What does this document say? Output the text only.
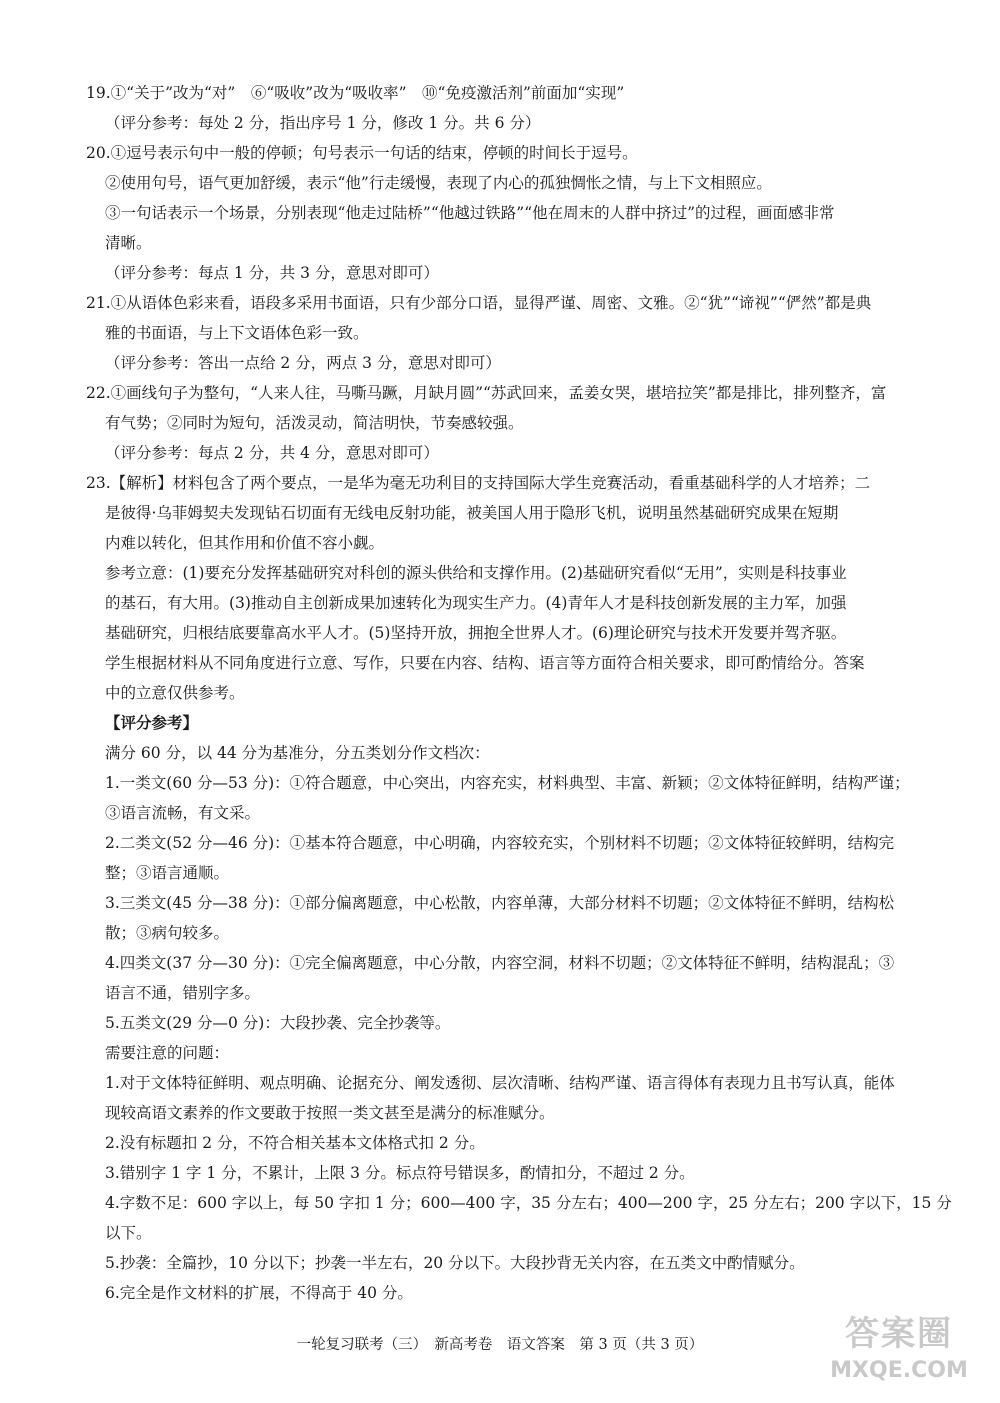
19.①“关于”改为“对”　⑥“吸收”改为“吸收率”　⑩“免疫激活剂”前面加“实现”
（评分参考：每处 2 分，指出序号 1 分，修改 1 分。共 6 分）
20.①逗号表示句中一般的停顿；句号表示一句话的结束，停顿的时间长于逗号。
②使用句号，语气更加舒缓，表示“他”行走缓慢，表现了内心的孤独惆怅之情，与上下文相照应。
③一句话表示一个场景，分别表现“他走过陆桥”“他越过铁路”“他在周末的人群中挤过”的过程，画面感非常
清晰。
（评分参考：每点 1 分，共 3 分，意思对即可）
21.①从语体色彩来看，语段多采用书面语，只有少部分口语，显得严谨、周密、文雅。②“犹”“谛视”“俨然”都是典
雅的书面语，与上下文语体色彩一致。
（评分参考：答出一点给 2 分，两点 3 分，意思对即可）
22.①画线句子为整句，“人来人往，马嘶马蹶，月缺月圆”“苏武回来，孟姜女哭，堪培拉笑”都是排比，排列整齐，富
有气势；②同时为短句，活泼灵动，简洁明快，节奏感较强。
（评分参考：每点 2 分，共 4 分，意思对即可）
23.【解析】材料包含了两个要点，一是华为毫无功利目的支持国际大学生竞赛活动，看重基础科学的人才培养；二
是彼得·乌菲姆契夫发现钻石切面有无线电反射功能，被美国人用于隐形飞机，说明虽然基础研究成果在短期
内难以转化，但其作用和价值不容小觑。
参考立意：(1)要充分发挥基础研究对科创的源头供给和支撑作用。(2)基础研究看似“无用”，实则是科技事业
的基石，有大用。(3)推动自主创新成果加速转化为现实生产力。(4)青年人才是科技创新发展的主力军，加强
基础研究，归根结底要靠高水平人才。(5)坚持开放，拥抱全世界人才。(6)理论研究与技术开发要并驾齐驱。
学生根据材料从不同角度进行立意、写作，只要在内容、结构、语言等方面符合相关要求，即可酌情给分。答案
中的立意仅供参考。
【评分参考】
满分 60 分，以 44 分为基准分，分五类划分作文档次：
1.一类文(60 分—53 分)：①符合题意，中心突出，内容充实，材料典型、丰富、新颖；②文体特征鲜明，结构严谨；
③语言流畅，有文采。
2.二类文(52 分—46 分)：①基本符合题意，中心明确，内容较充实，个别材料不切题；②文体特征较鲜明，结构完
整；③语言通顺。
3.三类文(45 分—38 分)：①部分偏离题意，中心松散，内容单薄，大部分材料不切题；②文体特征不鲜明，结构松
散；③病句较多。
4.四类文(37 分—30 分)：①完全偏离题意，中心分散，内容空洞，材料不切题；②文体特征不鲜明，结构混乱；③
语言不通，错别字多。
5.五类文(29 分—0 分)：大段抄袭、完全抄袭等。
需要注意的问题：
1.对于文体特征鲜明、观点明确、论据充分、阐发透彻、层次清晰、结构严谨、语言得体有表现力且书写认真，能体
现较高语文素养的作文要敢于按照一类文甚至是满分的标准赋分。
2.没有标题扣 2 分，不符合相关基本文体格式扣 2 分。
3.错别字 1 字 1 分，不累计，上限 3 分。标点符号错误多，酌情扣分，不超过 2 分。
4.字数不足：600 字以上，每 50 字扣 1 分；600—400 字，35 分左右；400—200 字，25 分左右；200 字以下，15 分
以下。
5.抄袭：全篇抄，10 分以下；抄袭一半左右，20 分以下。大段抄背无关内容，在五类文中酌情赋分。
6.完全是作文材料的扩展，不得高于 40 分。
一轮复习联考（三）　新高考卷　语文答案　第 3 页（共 3 页）	答案圈
MXQE.COM
